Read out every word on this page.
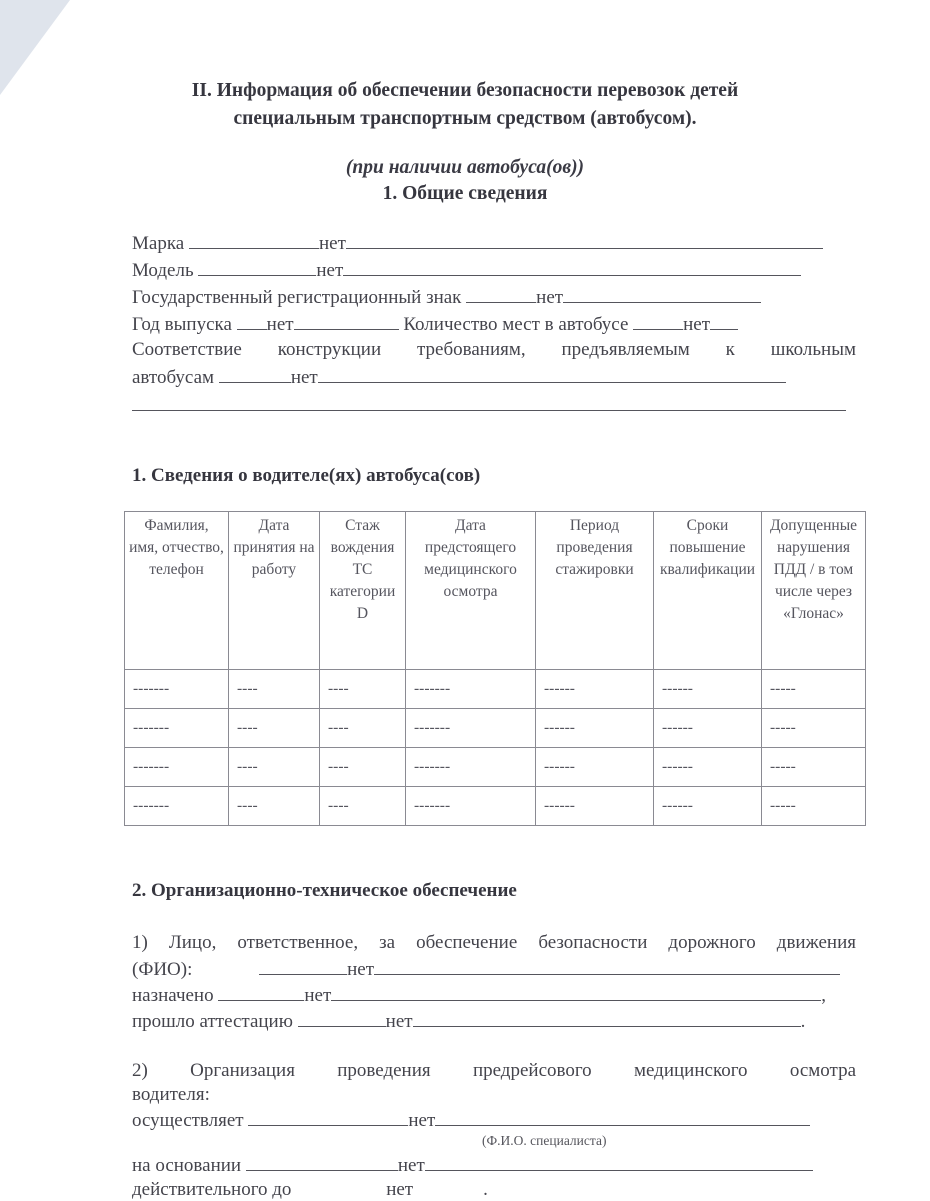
II. Информация об обеспечении безопасности перевозок детей
специальным транспортным средством (автобусом).
(при наличии автобуса(ов))
1. Общие сведения
Марка	нет
Модель	нет
Государственный регистрационный знак	нет
Год выпуска нет	Количество мест в автобусе	нет
Соответствие конструкции требованиям, предъявляемым к школьным
автобусам	нет
1. Сведения о водителе(ях) автобуса(сов)
Фамилия, имя, отчество, телефон	Дата принятия на работу	Стаж вождения ТС категории D	Дата предстоящего медицинского осмотра	Период проведения стажировки	Сроки повышение квалификации	Допущенные нарушения ПДД / в том числе через «Глонас»
-------	----	----	-------	------	------	-----
-------	----	----	-------	------	------	-----
-------	----	----	-------	------	------	-----
-------	----	----	-------	------	------	-----
2. Организационно-техническое обеспечение
1) Лицо, ответственное, за обеспечение безопасности дорожного движения
(ФИО):	нет
назначено	нет	,
прошло аттестацию	нет	.
2) Организация проведения предрейсового медицинского осмотра
водителя:
осуществляет	нет
(Ф.И.О. специалиста)
на основании	нет
действительного до	нет	.
